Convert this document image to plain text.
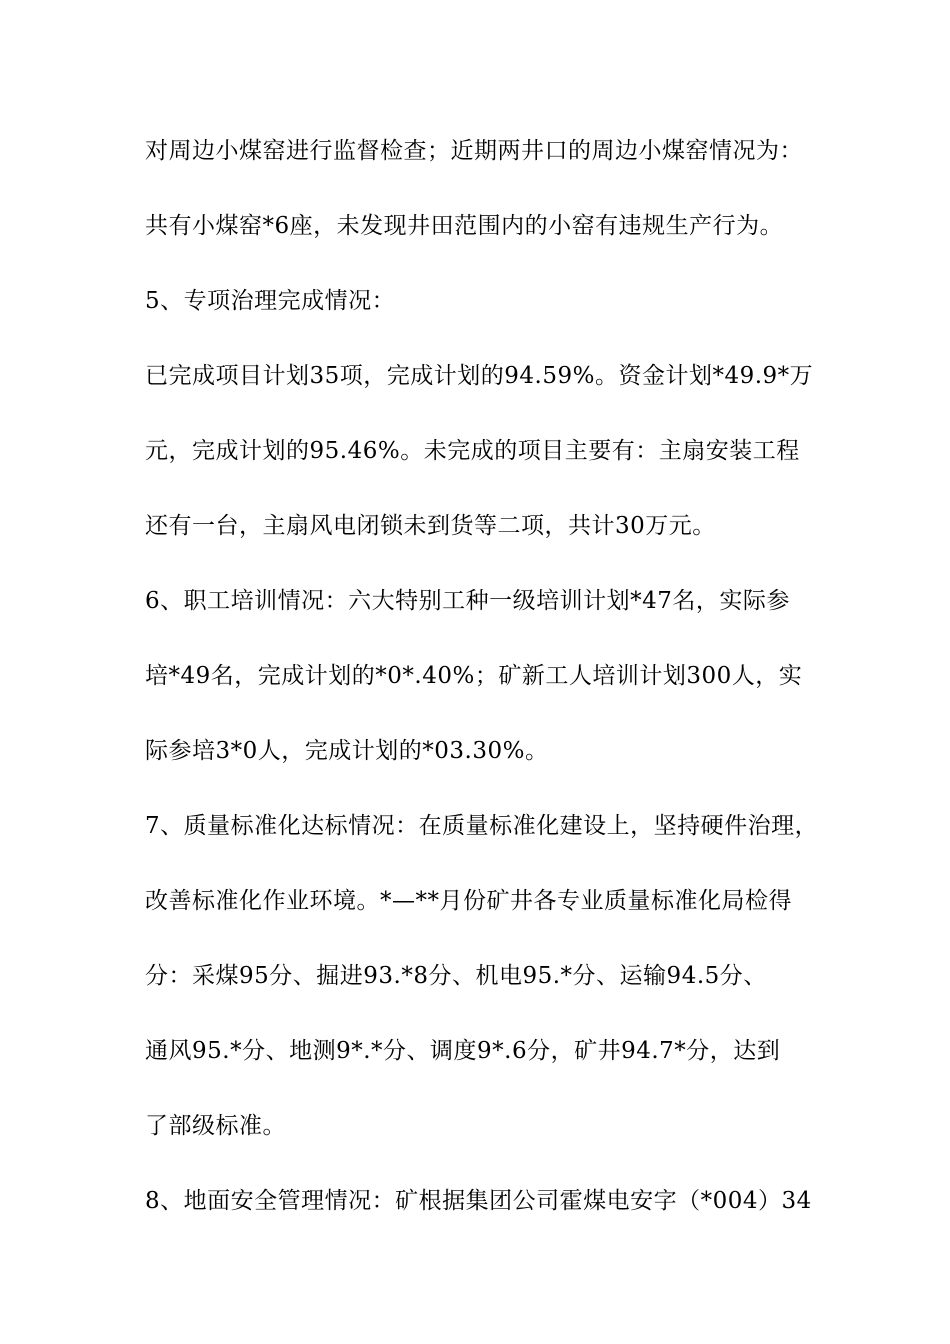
对周边小煤窑进行监督检查；近期两井口的周边小煤窑情况为：
共有小煤窑*6座，未发现井田范围内的小窑有违规生产行为。
5、专项治理完成情况：
已完成项目计划35项，完成计划的94.59%。资金计划*49.9*万
元，完成计划的95.46%。未完成的项目主要有：主扇安装工程
还有一台，主扇风电闭锁未到货等二项，共计30万元。
6、职工培训情况：六大特别工种一级培训计划*47名，实际参
培*49名，完成计划的*0*.40%；矿新工人培训计划300人，实
际参培3*0人，完成计划的*03.30%。
7、质量标准化达标情况：在质量标准化建设上，坚持硬件治理，
改善标准化作业环境。*—**月份矿井各专业质量标准化局检得
分：采煤95分、掘进93.*8分、机电95.*分、运输94.5分、
通风95.*分、地测9*.*分、调度9*.6分，矿井94.7*分，达到
了部级标准。
8、地面安全管理情况：矿根据集团公司霍煤电安字（*004）34
